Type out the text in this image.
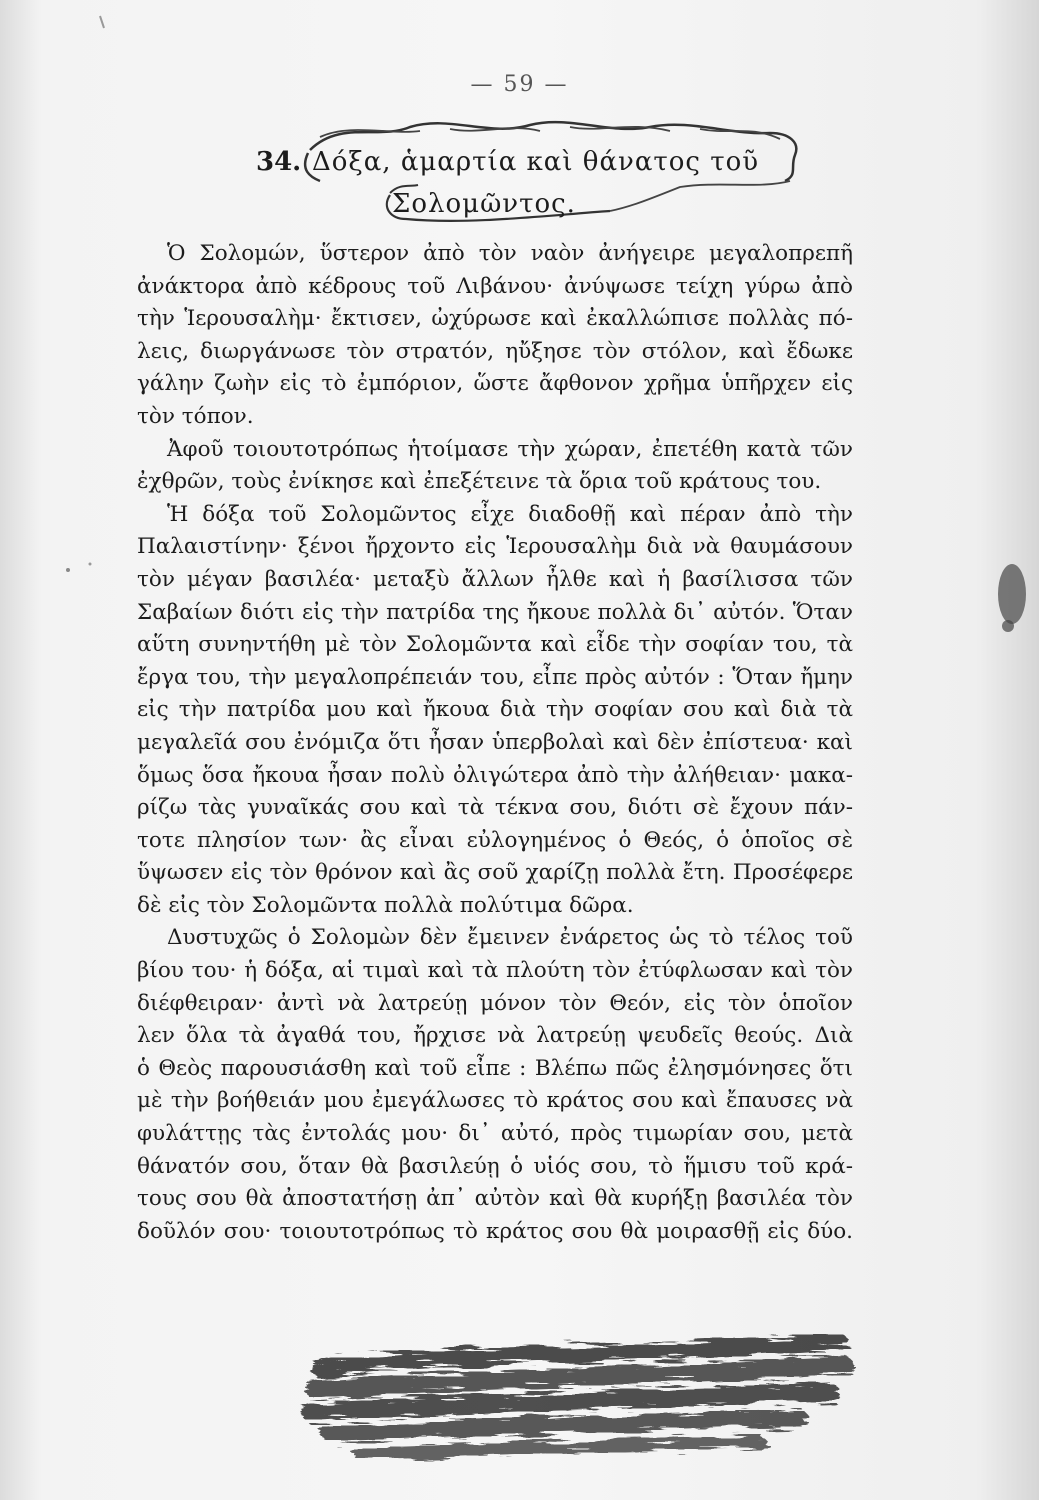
— 59 —
34. Δόξα, ἁμαρτία καὶ θάνατος τοῦ
Σολομῶντος.
Ὁ Σολομών, ὕστερον ἀπὸ τὸν ναὸν ἀνήγειρε μεγαλοπρεπῆ
ἀνάκτορα ἀπὸ κέδρους τοῦ Λιβάνου· ἀνύψωσε τείχη γύρω ἀπὸ
τὴν Ἱερουσαλὴμ· ἔκτισεν, ὠχύρωσε καὶ ἐκαλλώπισε πολλὰς πό-
λεις, διωργάνωσε τὸν στρατόν, ηὔξησε τὸν στόλον, καὶ ἔδωκε
γάλην ζωὴν εἰς τὸ ἐμπόριον, ὥστε ἄφθονον χρῆμα ὑπῆρχεν εἰς
τὸν τόπον.
Ἀφοῦ τοιουτοτρόπως ἡτοίμασε τὴν χώραν, ἐπετέθη κατὰ τῶν
ἐχθρῶν, τοὺς ἐνίκησε καὶ ἐπεξέτεινε τὰ ὅρια τοῦ κράτους του.
Ἡ δόξα τοῦ Σολομῶντος εἶχε διαδοθῇ καὶ πέραν ἀπὸ τὴν
Παλαιστίνην· ξένοι ἤρχοντο εἰς Ἱερουσαλὴμ διὰ νὰ θαυμάσουν
τὸν μέγαν βασιλέα· μεταξὺ ἄλλων ἦλθε καὶ ἡ βασίλισσα τῶν
Σαβαίων διότι εἰς τὴν πατρίδα της ἤκουε πολλὰ δι᾽ αὐτόν. Ὅταν
αὕτη συνηντήθη μὲ τὸν Σολομῶντα καὶ εἶδε τὴν σοφίαν του, τὰ
ἔργα του, τὴν μεγαλοπρέπειάν του, εἶπε πρὸς αὐτόν : Ὅταν ἤμην
εἰς τὴν πατρίδα μου καὶ ἤκουα διὰ τὴν σοφίαν σου καὶ διὰ τὰ
μεγαλεῖά σου ἐνόμιζα ὅτι ἦσαν ὑπερβολαὶ καὶ δὲν ἐπίστευα· καὶ
ὅμως ὅσα ἤκουα ἦσαν πολὺ ὀλιγώτερα ἀπὸ τὴν ἀλήθειαν· μακα-
ρίζω τὰς γυναῖκάς σου καὶ τὰ τέκνα σου, διότι σὲ ἔχουν πάν-
τοτε πλησίον των· ἂς εἶναι εὐλογημένος ὁ Θεός, ὁ ὁποῖος σὲ
ὕψωσεν εἰς τὸν θρόνον καὶ ἂς σοῦ χαρίζῃ πολλὰ ἔτη. Προσέφερε
δὲ εἰς τὸν Σολομῶντα πολλὰ πολύτιμα δῶρα.
Δυστυχῶς ὁ Σολομὼν δὲν ἔμεινεν ἐνάρετος ὡς τὸ τέλος τοῦ
βίου του· ἡ δόξα, αἱ τιμαὶ καὶ τὰ πλούτη τὸν ἐτύφλωσαν καὶ τὸν
διέφθειραν· ἀντὶ νὰ λατρεύῃ μόνον τὸν Θεόν, εἰς τὸν ὁποῖον
λεν ὅλα τὰ ἀγαθά του, ἤρχισε νὰ λατρεύῃ ψευδεῖς θεούς. Διὰ
ὁ Θεὸς παρουσιάσθη καὶ τοῦ εἶπε : Βλέπω πῶς ἐλησμόνησες ὅτι
μὲ τὴν βοήθειάν μου ἐμεγάλωσες τὸ κράτος σου καὶ ἔπαυσες νὰ
φυλάττῃς τὰς ἐντολάς μου· δι᾽ αὐτό, πρὸς τιμωρίαν σου, μετὰ
θάνατόν σου, ὅταν θὰ βασιλεύῃ ὁ υἱός σου, τὸ ἥμισυ τοῦ κρά-
τους σου θὰ ἀποστατήσῃ ἀπ᾽ αὐτὸν καὶ θὰ κυρήξῃ βασιλέα τὸν
δοῦλόν σου· τοιουτοτρόπως τὸ κράτος σου θὰ μοιρασθῇ εἰς δύο.
